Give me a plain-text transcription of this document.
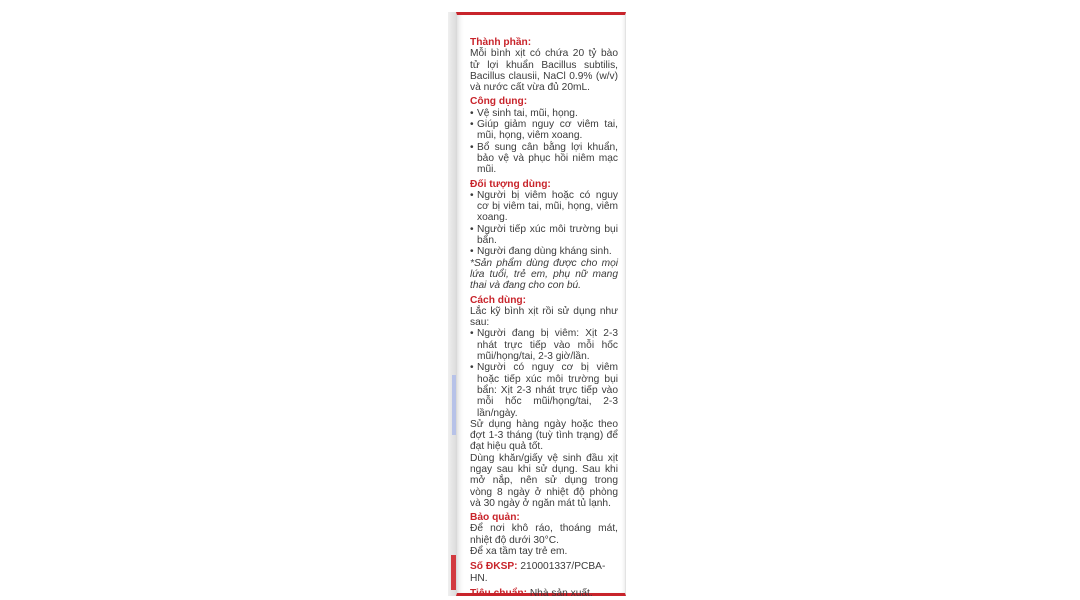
Thành phần:
Mỗi bình xịt có chứa 20 tỷ bào tử lợi khuẩn Bacillus subtilis, Bacillus clausii, NaCl 0.9% (w/v) và nước cất vừa đủ 20mL.
Công dụng:
• Vệ sinh tai, mũi, họng.
• Giúp giảm nguy cơ viêm tai, mũi, họng, viêm xoang.
• Bổ sung cân bằng lợi khuẩn, bảo vệ và phục hồi niêm mạc mũi.
Đối tượng dùng:
• Người bị viêm hoặc có nguy cơ bị viêm tai, mũi, họng, viêm xoang.
• Người tiếp xúc môi trường bụi bẩn.
• Người đang dùng kháng sinh.
*Sản phẩm dùng được cho mọi lứa tuổi, trẻ em, phụ nữ mang thai và đang cho con bú.
Cách dùng:
Lắc kỹ bình xịt rồi sử dụng như sau:
• Người đang bị viêm: Xịt 2-3 nhát trực tiếp vào mỗi hốc mũi/họng/tai, 2-3 giờ/lần.
• Người có nguy cơ bị viêm hoặc tiếp xúc môi trường bụi bẩn: Xịt 2-3 nhát trực tiếp vào mỗi hốc mũi/họng/tai, 2-3 lần/ngày.
Sử dụng hàng ngày hoặc theo đợt 1-3 tháng (tuỳ tình trạng) để đạt hiệu quả tốt.
Dùng khăn/giấy vệ sinh đầu xịt ngay sau khi sử dụng. Sau khi mở nắp, nên sử dụng trong vòng 8 ngày ở nhiệt độ phòng và 30 ngày ở ngăn mát tủ lạnh.
Bảo quản:
Để nơi khô ráo, thoáng mát, nhiệt độ dưới 30°C.
Để xa tầm tay trẻ em.
Số ĐKSP: 210001337/PCBA-HN.
Tiêu chuẩn: Nhà sản xuất.
